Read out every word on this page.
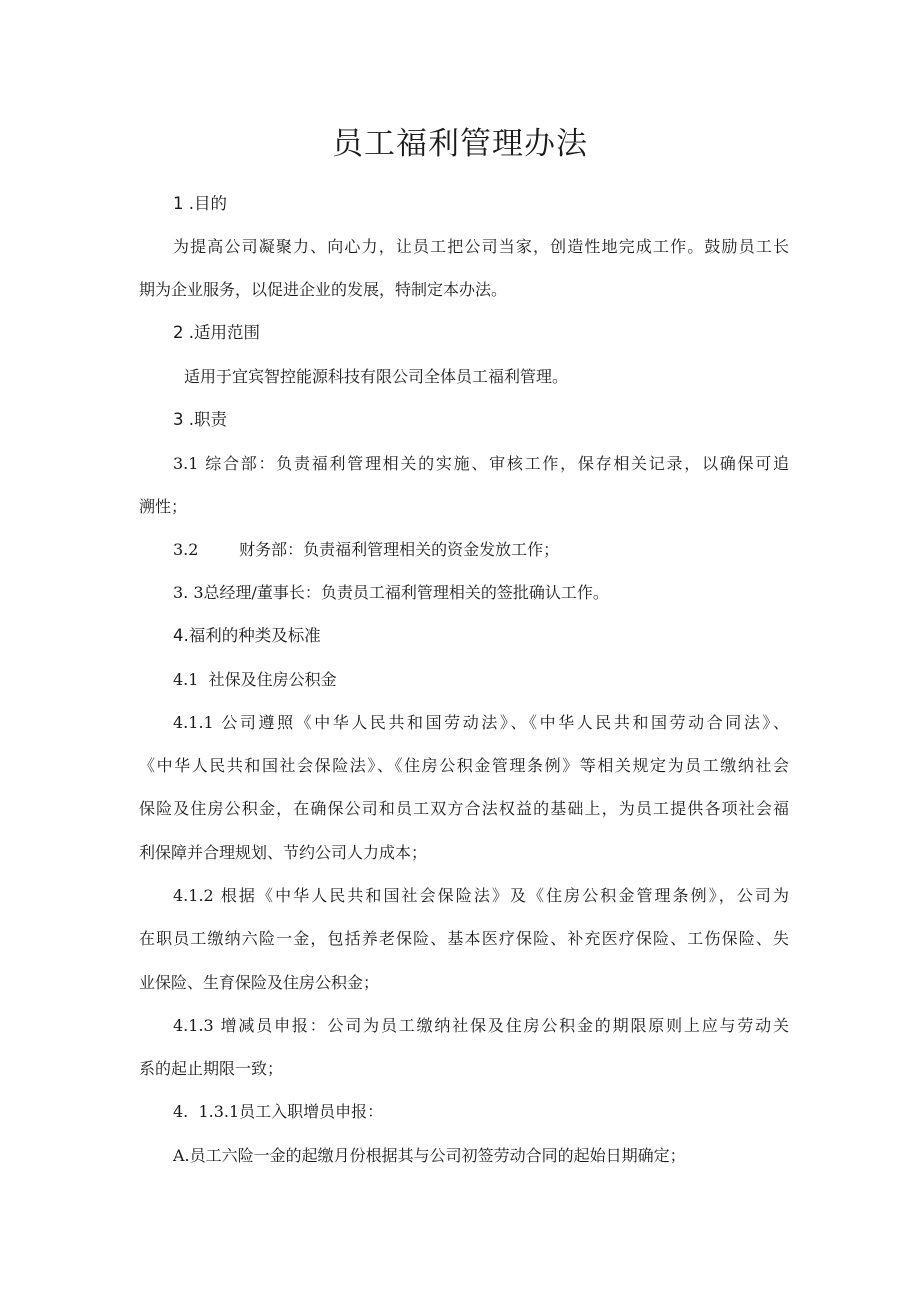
员工福利管理办法

1 .目的

为提高公司凝聚力、向心力，让员工把公司当家，创造性地完成工作。鼓励员工长

期为企业服务，以促进企业的发展，特制定本办法。

2 .适用范围

适用于宜宾智控能源科技有限公司全体员工福利管理。

3 .职责

3.1 综合部：负责福利管理相关的实施、审核工作，保存相关记录，以确保可追

溯性；

3.2        财务部：负责福利管理相关的资金发放工作；

3. 3总经理/董事长：负责员工福利管理相关的签批确认工作。

4.福利的种类及标准

4.1  社保及住房公积金

4.1.1 公司遵照《中华人民共和国劳动法》、《中华人民共和国劳动合同法》、

《中华人民共和国社会保险法》、《住房公积金管理条例》等相关规定为员工缴纳社会

保险及住房公积金，在确保公司和员工双方合法权益的基础上，为员工提供各项社会福

利保障并合理规划、节约公司人力成本；

4.1.2 根据《中华人民共和国社会保险法》及《住房公积金管理条例》，公司为

在职员工缴纳六险一金，包括养老保险、基本医疗保险、补充医疗保险、工伤保险、失

业保险、生育保险及住房公积金；

4.1.3 增减员申报：公司为员工缴纳社保及住房公积金的期限原则上应与劳动关

系的起止期限一致；

4.  1.3.1员工入职增员申报：

A.员工六险一金的起缴月份根据其与公司初签劳动合同的起始日期确定；
